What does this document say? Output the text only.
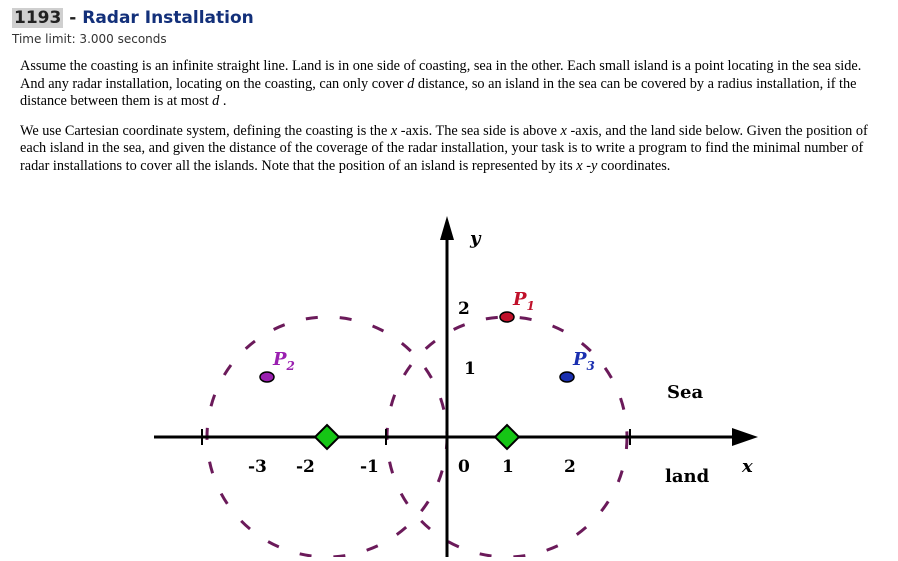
1193 - Radar Installation
Time limit: 3.000 seconds

Assume the coasting is an infinite straight line. Land is in one side of coasting, sea in the other. Each small island is a point locating in the sea side. And any radar installation, locating on the coasting, can only cover d distance, so an island in the sea can be covered by a radius installation, if the distance between them is at most d .

We use Cartesian coordinate system, defining the coasting is the x -axis. The sea side is above x -axis, and the land side below. Given the position of each island in the sea, and given the distance of the coverage of the radar installation, your task is to write a program to find the minimal number of radar installations to cover all the islands. Note that the position of an island is represented by its x -y coordinates.

y
x
Sea
land
-3 -2	-1	0 1	2
1
2 $P_1$
$P_2$	$P_3$
